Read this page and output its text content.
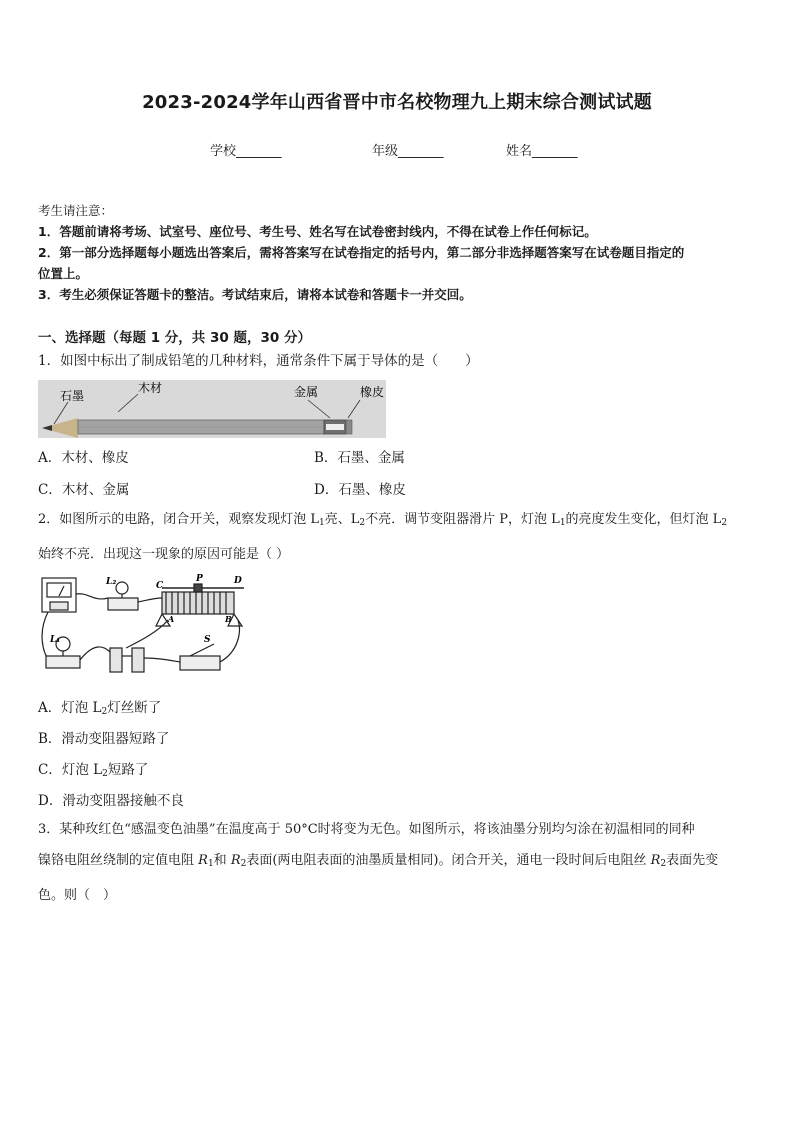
2023-2024学年山西省晋中市名校物理九上期末综合测试试题
学校_______	年级_______	姓名_______
考生请注意：
1．答题前请将考场、试室号、座位号、考生号、姓名写在试卷密封线内，不得在试卷上作任何标记。
2．第一部分选择题每小题选出答案后，需将答案写在试卷指定的括号内，第二部分非选择题答案写在试卷题目指定的
位置上。
3．考生必须保证答题卡的整洁。考试结束后，请将本试卷和答题卡一并交回。
一、选择题（每题 1 分，共 30 题，30 分）
1．如图中标出了制成铅笔的几种材料，通常条件下属于导体的是（　　）
石墨
木材	金属	橡皮
A．木材、橡皮	B．石墨、金属
C．木材、金属	D．石墨、橡皮
2．如图所示的电路，闭合开关，观察发现灯泡 $L_1$亮、$L_2$不亮．调节变阻器滑片 P，灯泡 $L_1$的亮度发生变化，但灯泡 $L_2$
始终不亮．出现这一现象的原因可能是（ ）
L₂	C
P	D
A	B
L₁	S
A．灯泡 $L_2$灯丝断了
B．滑动变阻器短路了
C．灯泡 $L_2$短路了
D．滑动变阻器接触不良
3．某种玫红色“感温变色油墨”在温度高于 50°C时将变为无色。如图所示，将该油墨分别均匀涂在初温相同的同种
镍铬电阻丝绕制的定值电阻 $R_1$和 $R_2$表面(两电阻表面的油墨质量相同)。闭合开关，通电一段时间后电阻丝 $R_2$表面先变
色。则（　）
